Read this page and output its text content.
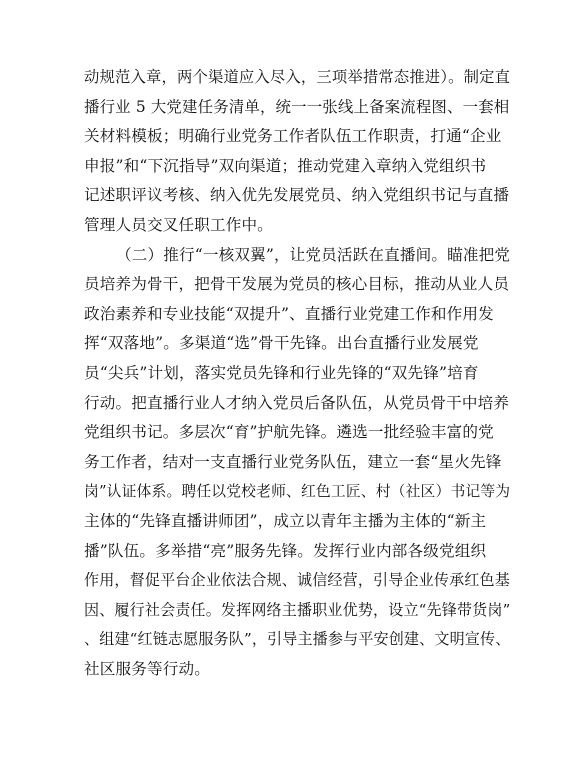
动规范入章，两个渠道应入尽入，三项举措常态推进）。制定直
播行业 5 大党建任务清单，统一一张线上备案流程图、一套相
关材料模板；明确行业党务工作者队伍工作职责，打通“企业
申报”和“下沉指导”双向渠道；推动党建入章纳入党组织书
记述职评议考核、纳入优先发展党员、纳入党组织书记与直播
管理人员交叉任职工作中。
（二）推行“一核双翼”，让党员活跃在直播间。瞄准把党
员培养为骨干，把骨干发展为党员的核心目标，推动从业人员
政治素养和专业技能“双提升”、直播行业党建工作和作用发
挥“双落地”。多渠道“选”骨干先锋。出台直播行业发展党
员“尖兵”计划，落实党员先锋和行业先锋的“双先锋”培育
行动。把直播行业人才纳入党员后备队伍，从党员骨干中培养
党组织书记。多层次“育”护航先锋。遴选一批经验丰富的党
务工作者，结对一支直播行业党务队伍，建立一套“星火先锋
岗”认证体系。聘任以党校老师、红色工匠、村（社区）书记等为
主体的“先锋直播讲师团”，成立以青年主播为主体的“新主
播”队伍。多举措“亮”服务先锋。发挥行业内部各级党组织
作用，督促平台企业依法合规、诚信经营，引导企业传承红色基
因、履行社会责任。发挥网络主播职业优势，设立“先锋带货岗”
、组建“红链志愿服务队”，引导主播参与平安创建、文明宣传、
社区服务等行动。
